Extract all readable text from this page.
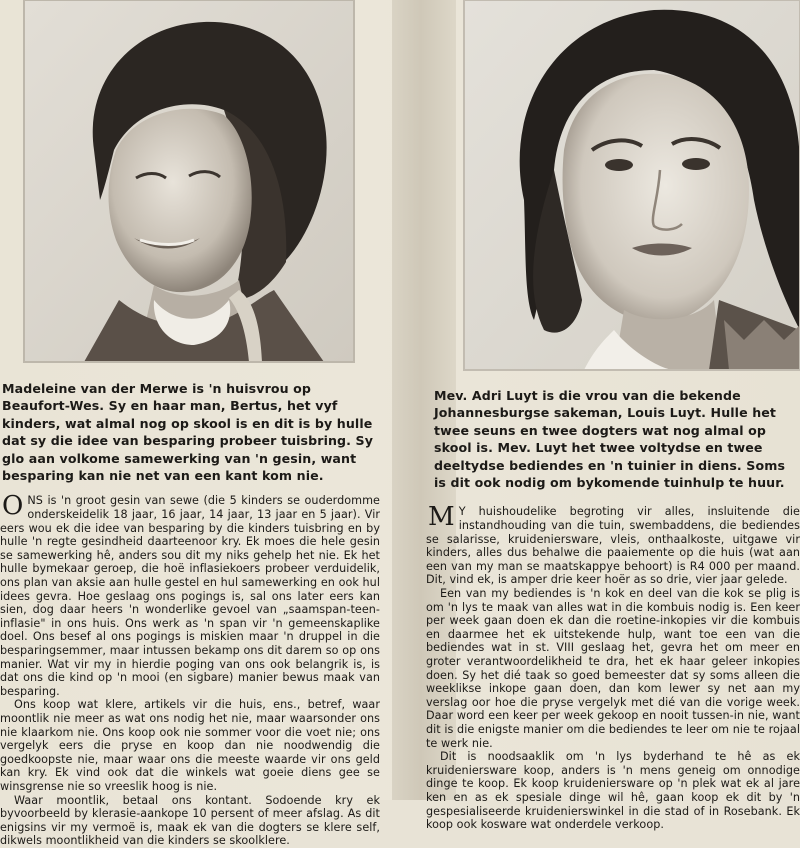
Madeleine van der Merwe is 'n huisvrou op Beaufort-Wes. Sy en haar man, Bertus, het vyf kinders, wat almal nog op skool is en dit is by hulle dat sy die idee van besparing probeer tuisbring. Sy glo aan volkome samewerking van 'n gesin, want besparing kan nie net van een kant kom nie.

ONS is 'n groot gesin van sewe (die 5 kinders se ouderdomme onderskeidelik 18 jaar, 16 jaar, 14 jaar, 13 jaar en 5 jaar). Vir eers wou ek die idee van besparing by die kinders tuisbring en by hulle 'n regte gesindheid daarteenoor kry. Ek moes die hele gesin se samewerking hê, anders sou dit my niks gehelp het nie. Ek het hulle bymekaar geroep, die hoë inflasiekoers probeer verduidelik, ons plan van aksie aan hulle gestel en hul samewerking en ook hul idees gevra. Hoe geslaag ons pogings is, sal ons later eers kan sien, dog daar heers 'n wonderlike gevoel van „saamspan-teen-inflasie" in ons huis. Ons werk as 'n span vir 'n gemeenskaplike doel. Ons besef al ons pogings is miskien maar 'n druppel in die besparingsemmer, maar intussen bekamp ons dit darem so op ons manier. Wat vir my in hierdie poging van ons ook belangrik is, is dat ons die kind op 'n mooi (en sigbare) manier bewus maak van besparing.
Ons koop wat klere, artikels vir die huis, ens., betref, waar moontlik nie meer as wat ons nodig het nie, maar waarsonder ons nie klaarkom nie. Ons koop ook nie sommer voor die voet nie; ons vergelyk eers die pryse en koop dan nie noodwendig die goedkoopste nie, maar waar ons die meeste waarde vir ons geld kan kry. Ek vind ook dat die winkels wat goeie diens gee se winsgrense nie so vreeslik hoog is nie.
Waar moontlik, betaal ons kontant. Sodoende kry ek byvoorbeeld by klerasie-aankope 10 persent of meer afslag. As dit enigsins vir my vermoë is, maak ek van die dogters se klere self, dikwels moontlikheid van die kinders se skoolklere.

Mev. Adri Luyt is die vrou van die bekende Johannesburgse sakeman, Louis Luyt. Hulle het twee seuns en twee dogters wat nog almal op skool is. Mev. Luyt het twee voltydse en twee deeltydse bediendes en 'n tuinier in diens. Soms is dit ook nodig om bykomende tuinhulp te huur.

M Y huishoudelike begroting vir alles, insluitende die instandhouding van die tuin, swembaddens, die bediendes se salarisse, kruideniersware, vleis, onthaalkoste, uitgawe vir kinders, alles dus behalwe die paaiemente op die huis (wat aan een van my man se maatskappye behoort) is R4 000 per maand. Dit, vind ek, is amper drie keer hoër as so drie, vier jaar gelede.
Een van my bediendes is 'n kok en deel van die kok se plig is om 'n lys te maak van alles wat in die kombuis nodig is. Een keer per week gaan doen ek dan die roetine-inkopies vir die kombuis en daarmee het ek uitstekende hulp, want toe een van die bediendes wat in st. VIII geslaag het, gevra het om meer en groter verantwoordelikheid te dra, het ek haar geleer inkopies doen. Sy het dié taak so goed bemeester dat sy soms alleen die weeklikse inkope gaan doen, dan kom lewer sy net aan my verslag oor hoe die pryse vergelyk met dié van die vorige week. Daar word een keer per week gekoop en nooit tussen-in nie, want dit is die enigste manier om die bediendes te leer om nie te rojaal te werk nie.
Dit is noodsaaklik om 'n lys byderhand te hê as ek kruideniersware koop, anders is 'n mens geneig om onnodige dinge te koop. Ek koop kruideniersware op 'n plek wat ek al jare ken en as ek spesiale dinge wil hê, gaan koop ek dit by 'n gespesialiseerde kruidenierswinkel in die stad of in Rosebank. Ek koop ook kosware wat onderdele verkoop.
